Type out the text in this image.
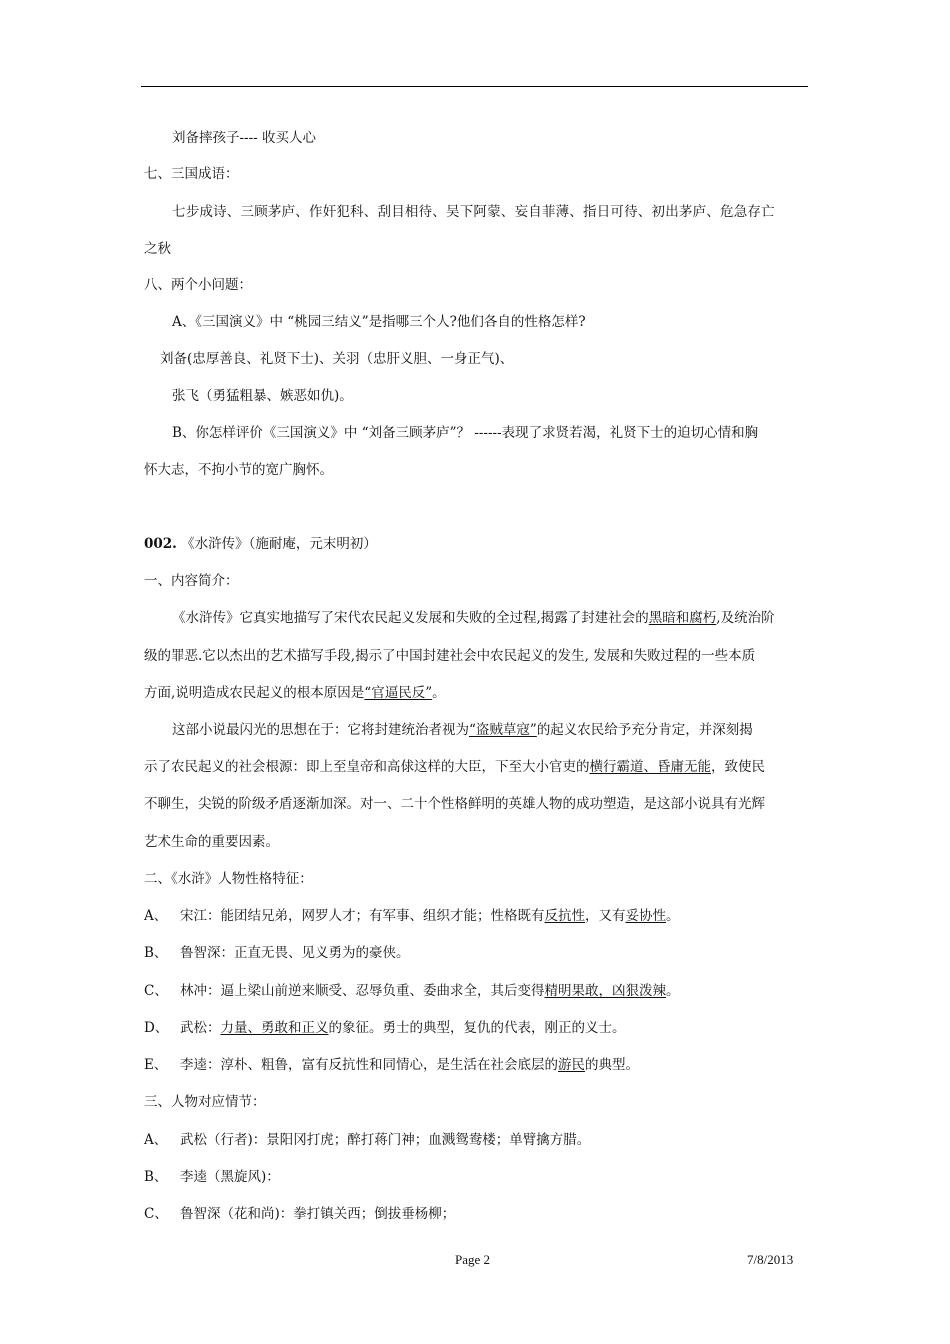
刘备摔孩子---- 收买人心
七、三国成语：
七步成诗、三顾茅庐、作奸犯科、刮目相待、吴下阿蒙、妄自菲薄、指日可待、初出茅庐、危急存亡
之秋
八、两个小问题：
A、《三国演义》中 “桃园三结义”是指哪三个人?他们各自的性格怎样?
刘备(忠厚善良、礼贤下士)、关羽（忠肝义胆、一身正气)、
张飞（勇猛粗暴、嫉恶如仇)。
B、你怎样评价《三国演义》中 “刘备三顾茅庐”？ ------表现了求贤若渴，礼贤下士的迫切心情和胸
怀大志，不拘小节的宽广胸怀。
002. 《水浒传》（施耐庵，元末明初）
一、内容简介：
《水浒传》它真实地描写了宋代农民起义发展和失败的全过程,揭露了封建社会的黑暗和腐朽,及统治阶
级的罪恶.它以杰出的艺术描写手段,揭示了中国封建社会中农民起义的发生, 发展和失败过程的一些本质
方面,说明造成农民起义的根本原因是“官逼民反”。
这部小说最闪光的思想在于：它将封建统治者视为“盗贼草寇”的起义农民给予充分肯定，并深刻揭
示了农民起义的社会根源：即上至皇帝和高俅这样的大臣，下至大小官吏的横行霸道、昏庸无能，致使民
不聊生，尖锐的阶级矛盾逐渐加深。对一、二十个性格鲜明的英雄人物的成功塑造，是这部小说具有光辉
艺术生命的重要因素。
二、《水浒》人物性格特征：
A、 宋江：能团结兄弟，网罗人才；有军事、组织才能；性格既有反抗性，又有妥协性。
B、 鲁智深：正直无畏、见义勇为的豪侠。
C、 林冲：逼上梁山前逆来顺受、忍辱负重、委曲求全，其后变得精明果敢，凶狠泼辣。
D、 武松：力量、勇敢和正义的象征。勇士的典型，复仇的代表，刚正的义士。
E、 李逵：淳朴、粗鲁，富有反抗性和同情心，是生活在社会底层的游民的典型。
三、人物对应情节：
A、 武松（行者)：景阳冈打虎；醉打蒋门神；血溅鸳鸯楼；单臂擒方腊。
B、 李逵（黑旋风)：
C、 鲁智深（花和尚)：拳打镇关西；倒拔垂杨柳；
Page 2	7/8/2013
